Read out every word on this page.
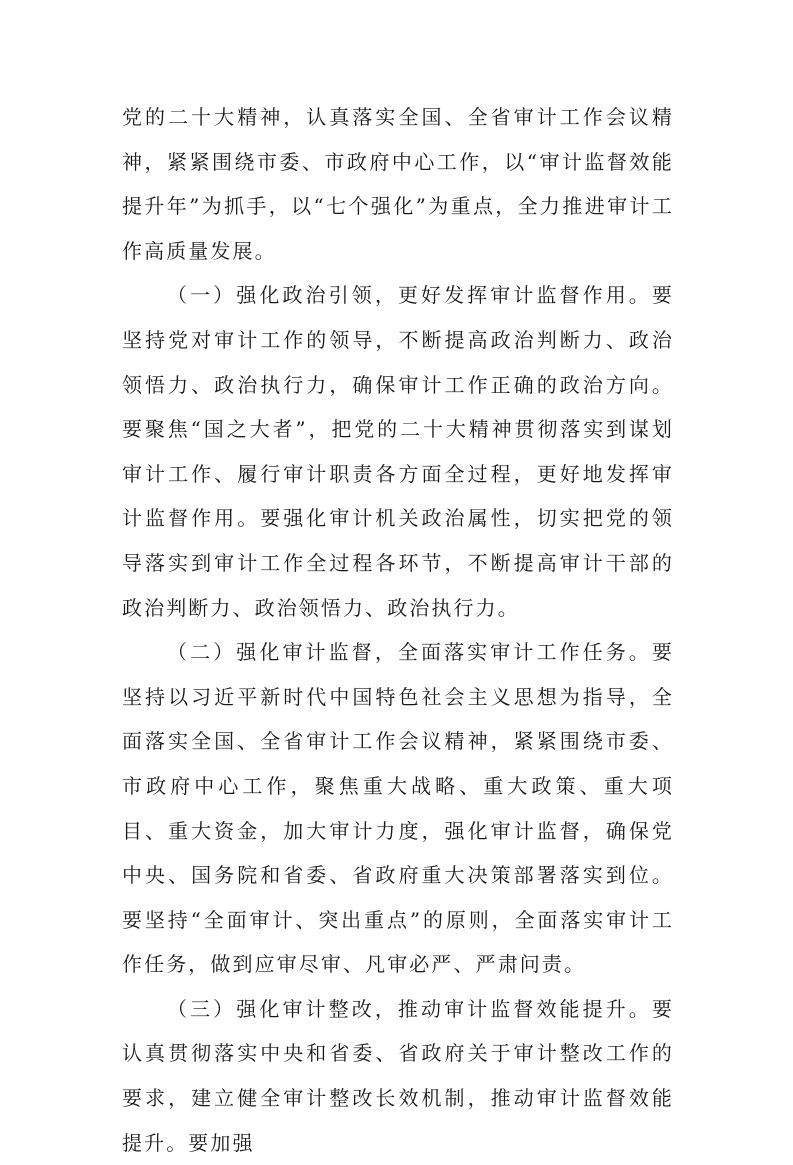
党的二十大精神，认真落实全国、全省审计工作会议精神，紧紧围绕市委、市政府中心工作，以“审计监督效能提升年”为抓手，以“七个强化”为重点，全力推进审计工作高质量发展。

（一）强化政治引领，更好发挥审计监督作用。要坚持党对审计工作的领导，不断提高政治判断力、政治领悟力、政治执行力，确保审计工作正确的政治方向。要聚焦“国之大者”，把党的二十大精神贯彻落实到谋划审计工作、履行审计职责各方面全过程，更好地发挥审计监督作用。要强化审计机关政治属性，切实把党的领导落实到审计工作全过程各环节，不断提高审计干部的政治判断力、政治领悟力、政治执行力。

（二）强化审计监督，全面落实审计工作任务。要坚持以习近平新时代中国特色社会主义思想为指导，全面落实全国、全省审计工作会议精神，紧紧围绕市委、市政府中心工作，聚焦重大战略、重大政策、重大项目、重大资金，加大审计力度，强化审计监督，确保党中央、国务院和省委、省政府重大决策部署落实到位。要坚持“全面审计、突出重点”的原则，全面落实审计工作任务，做到应审尽审、凡审必严、严肃问责。

（三）强化审计整改，推动审计监督效能提升。要认真贯彻落实中央和省委、省政府关于审计整改工作的要求，建立健全审计整改长效机制，推动审计监督效能提升。要加强
